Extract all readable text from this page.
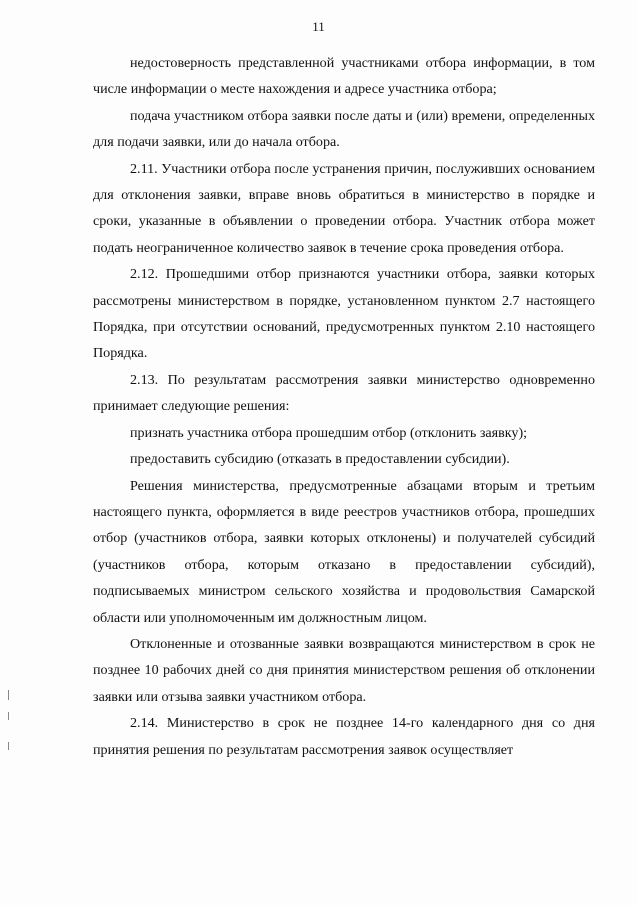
11

недостоверность представленной участниками отбора информации, в том числе информации о месте нахождения и адресе участника отбора;

подача участником отбора заявки после даты и (или) времени, определенных для подачи заявки, или до начала отбора.

2.11. Участники отбора после устранения причин, послуживших основанием для отклонения заявки, вправе вновь обратиться в министерство в порядке и сроки, указанные в объявлении о проведении отбора. Участник отбора может подать неограниченное количество заявок в течение срока проведения отбора.

2.12. Прошедшими отбор признаются участники отбора, заявки которых рассмотрены министерством в порядке, установленном пунктом 2.7 настоящего Порядка, при отсутствии оснований, предусмотренных пунктом 2.10 настоящего Порядка.

2.13. По результатам рассмотрения заявки министерство одновременно принимает следующие решения:

признать участника отбора прошедшим отбор (отклонить заявку);

предоставить субсидию (отказать в предоставлении субсидии).

Решения министерства, предусмотренные абзацами вторым и третьим настоящего пункта, оформляется в виде реестров участников отбора, прошедших отбор (участников отбора, заявки которых отклонены) и получателей субсидий (участников отбора, которым отказано в предоставлении субсидий), подписываемых министром сельского хозяйства и продовольствия Самарской области или уполномоченным им должностным лицом.

Отклоненные и отозванные заявки возвращаются министерством в срок не позднее 10 рабочих дней со дня принятия министерством решения об отклонении заявки или отзыва заявки участником отбора.

2.14. Министерство в срок не позднее 14-го календарного дня со дня принятия решения по результатам рассмотрения заявок осуществляет
